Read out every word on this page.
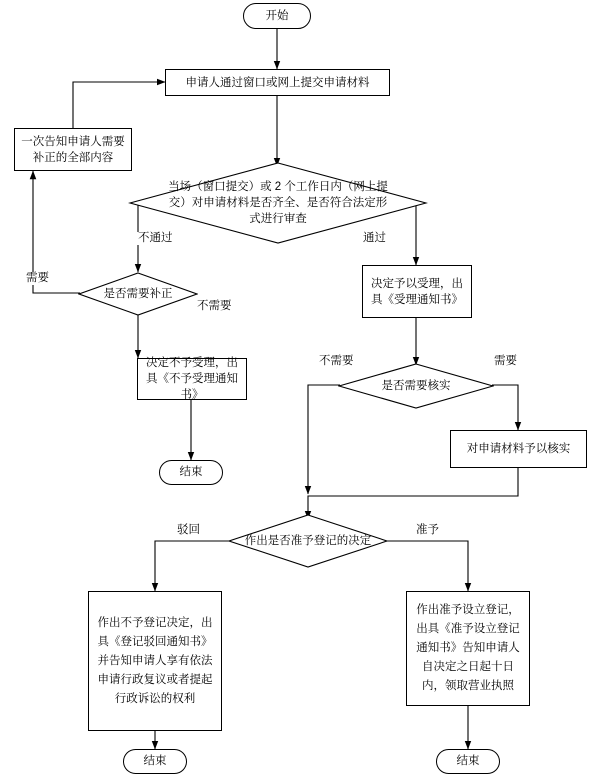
开始
申请人通过窗口或网上提交申请材料
一次告知申请人需要补正的全部内容
当场（窗口提交）或 2 个工作日内（网上提交）对申请材料是否齐全、是否符合法定形式进行审查
是否需要补正
决定予以受理，出具《受理通知书》
决定不予受理，出具《不予受理通知书》
结束
是否需要核实
对申请材料予以核实
作出是否准予登记的决定
作出不予登记决定，出具《登记驳回通知书》并告知申请人享有依法申请行政复议或者提起行政诉讼的权利
作出准予设立登记，出具《准予设立登记通知书》告知申请人自决定之日起十日内，领取营业执照
结束	结束
不通过	通过
需要
不需要
不需要	需要
驳回	准予
